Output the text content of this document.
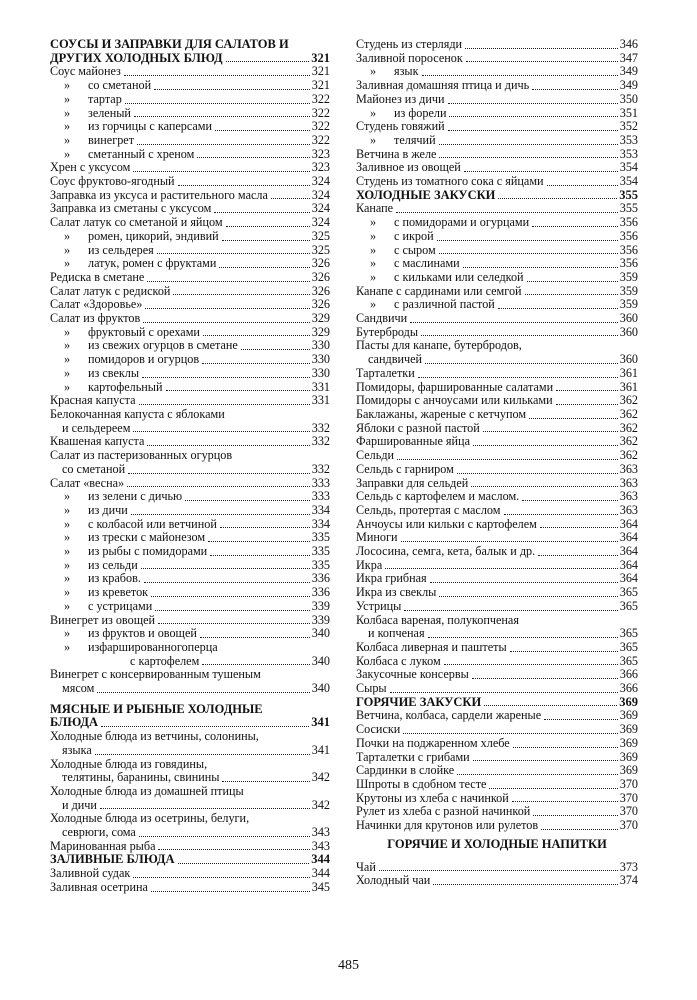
СОУСЫ И ЗАПРАВКИ ДЛЯ САЛАТОВ И
ДРУГИХ ХОЛОДНЫХ БЛЮД	321
Соус майонез	321
» со сметаной	321
» тартар	322
» зеленый	322
» из горчицы с каперсами	322
» винегрет	322
» сметанный с хреном	323
Хрен с уксусом	323
Соус фруктово-ягодный	324
Заправка из уксуса и растительного масла	324
Заправка из сметаны с уксусом	324
Салат латук со сметаной и яйцом	324
» ромен, цикорий, эндивий	325
» из сельдерея	325
» латук, ромен с фруктами	326
Редиска в сметане	326
Салат латук с редиской	326
Салат «Здоровье»	326
Салат из фруктов	329
» фруктовый с орехами	329
» из свежих огурцов в сметане	330
» помидоров и огурцов	330
» из свеклы	330
» картофельный	331
Красная капуста	331
Белокочанная капуста с яблоками
и сельдереем	332
Квашеная капуста	332
Салат из пастеризованных огурцов
со сметаной	332
Салат «весна»	333
» из зелени с дичью	333
» из дичи	334
» с колбасой или ветчиной	334
» из трески с майонезом	335
» из рыбы с помидорами	335
» из сельди	335
» из крабов.	336
» из креветок	336
» с устрицами	339
Винегрет из овощей	339
» из фруктов и овощей	340
» изфаршированногоперца
с картофелем	340
Винегрет с консервированным тушеным
мясом	340
МЯСНЫЕ И РЫБНЫЕ ХОЛОДНЫЕ
БЛЮДА	341
Холодные блюда из ветчины, солонины,
языка	341
Холодные блюда из говядины,
телятины, баранины, свинины	342
Холодные блюда из домашней птицы
и дичи	342
Холодные блюда из осетрины, белуги,
севрюги, сома	343
Маринованная рыба	343
ЗАЛИВНЫЕ БЛЮДА	344
Заливной судак	344
Заливная осетрина	345
Студень из стерляди	346
Заливной поросенок	347
» язык	349
Заливная домашняя птица и дичь	349
Майонез из дичи	350
» из форели	351
Студень говяжий	352
» телячий	353
Ветчина в желе	353
Заливное из овощей	354
Студень из томатного сока с яйцами	354
ХОЛОДНЫЕ ЗАКУСКИ	355
Канапе	355
» с помидорами и огурцами	356
» с икрой	356
» с сыром	356
» с маслинами	356
» с кильками или селедкой	359
Канапе с сардинами или семгой	359
» с различной пастой	359
Сандвичи	360
Бутерброды	360
Пасты для канапе, бутербродов,
сандвичей	360
Тарталетки	361
Помидоры, фаршированные салатами	361
Помидоры с анчоусами или кильками	362
Баклажаны, жареные с кетчупом	362
Яблоки с разной пастой	362
Фаршированные яйца	362
Сельди	362
Сельдь с гарниром	363
Заправки для сельдей	363
Сельдь с картофелем и маслом.	363
Сельдь, протертая с маслом	363
Анчоусы или кильки с картофелем	364
Миноги	364
Лососина, семга, кета, балык и др.	364
Икра	364
Икра грибная	364
Икра из свеклы	365
Устрицы	365
Колбаса вареная, полукопченая
и копченая	365
Колбаса ливерная и паштеты	365
Колбаса с луком	365
Закусочные консервы	366
Сыры	366
ГОРЯЧИЕ ЗАКУСКИ	369
Ветчина, колбаса, сардели жареные	369
Сосиски	369
Почки на поджаренном хлебе	369
Тарталетки с грибами	369
Сардинки в слойке	369
Шпроты в сдобном тесте	370
Крутоны из хлеба с начинкой	370
Рулет из хлеба с разной начинкой	370
Начинки для крутонов или рулетов	370
ГОРЯЧИЕ И ХОЛОДНЫЕ НАПИТКИ
Чай	373
Холодный чаи	374
485
